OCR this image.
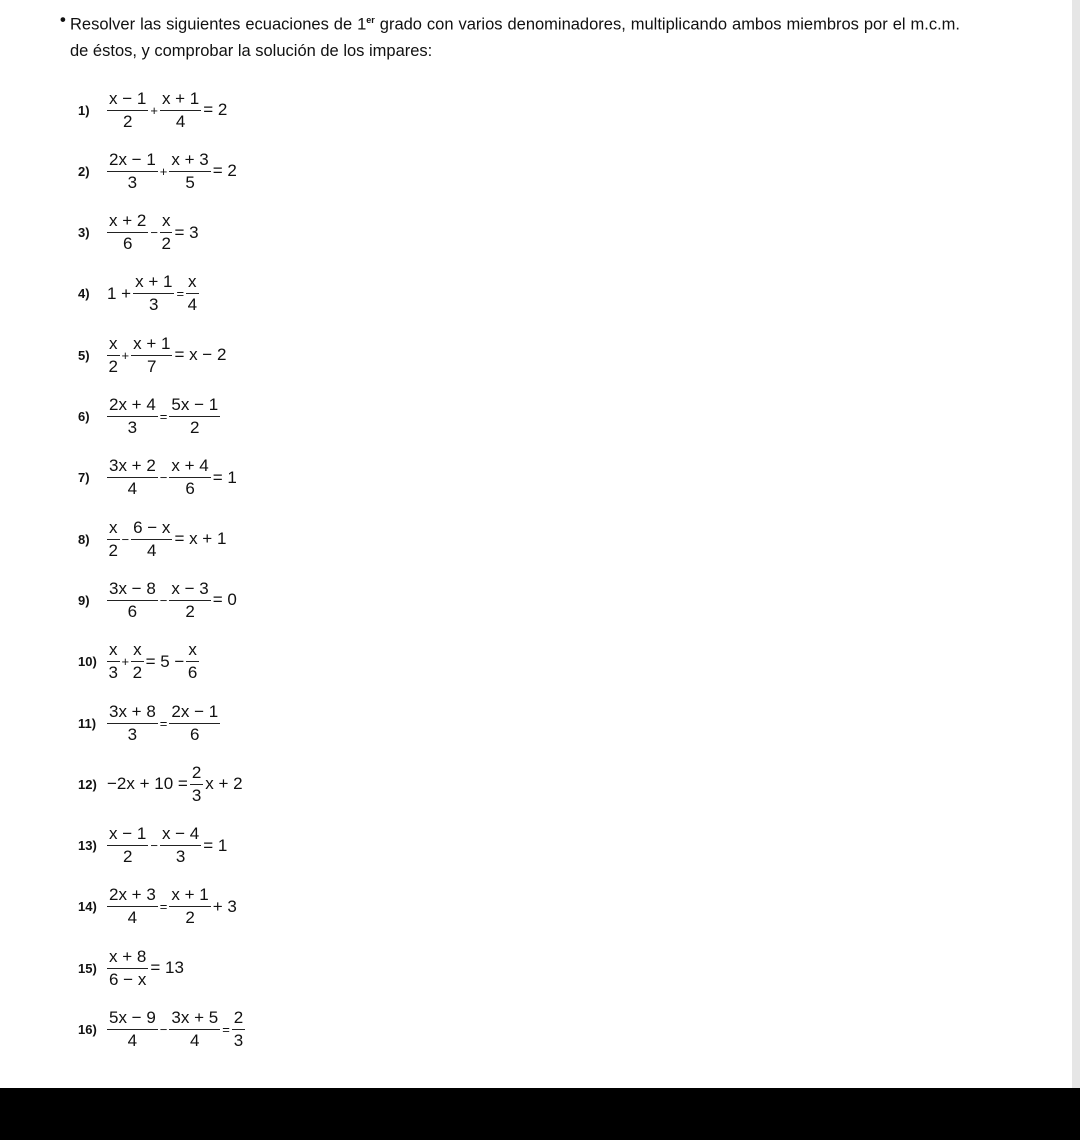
• Resolver las siguientes ecuaciones de 1er grado con varios denominadores, multiplicando ambos miembros por el m.c.m. de éstos, y comprobar la solución de los impares:
1)	$\frac{x - 1}{2} + \frac{x + 1}{4} = 2$
2)	$\frac{2x - 1}{3} + \frac{x + 3}{5} = 2$
3)	$\frac{x + 2}{6} - \frac{x}{2} = 3$
4)	$1 + \frac{x + 1}{3} = \frac{x}{4}$
5)	$\frac{x}{2} + \frac{x + 1}{7} = x - 2$
6)	$\frac{2x + 4}{3} = \frac{5x - 1}{2}$
7)	$\frac{3x + 2}{4} - \frac{x + 4}{6} = 1$
8)	$\frac{x}{2} - \frac{6 - x}{4} = x + 1$
9)	$\frac{3x - 8}{6} - \frac{x - 3}{2} = 0$
$10) \frac{x}{3} + \frac{x}{2} = 5 - \frac{x}{6}$
$11) \frac{3x + 8}{3} = \frac{2x - 1}{6}$
$12) -2x + 10 = \frac{2}{3}$ x + 2
$13) \frac{x - 1}{2} - \frac{x - 4}{3} = 1$
$14) \frac{2x + 3}{4} = \frac{x + 1}{2} + 3$
$15) \frac{x + 8}{6 - x} = 13$
$16) \frac{5x - 9}{4} - \frac{3x + 5}{4} = \frac{2}{3}$
